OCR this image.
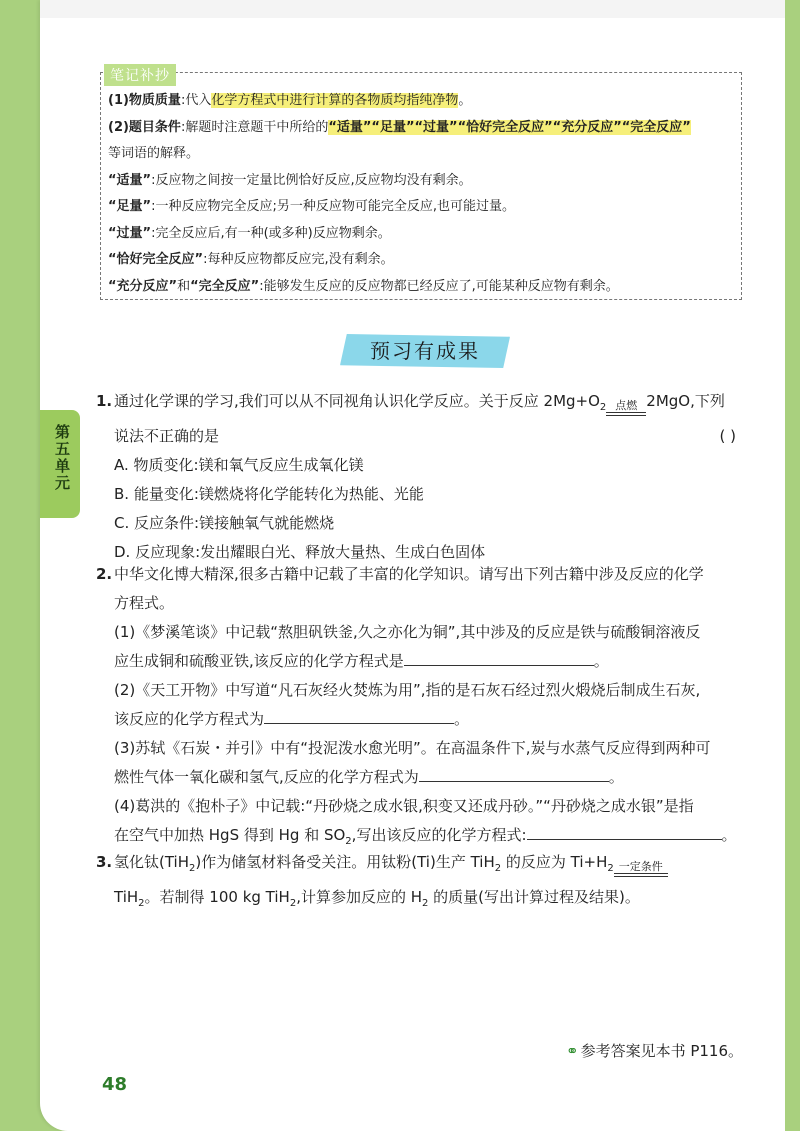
笔记补抄
(1)物质质量:代入化学方程式中进行计算的各物质均指纯净物。
(2)题目条件:解题时注意题干中所给的“适量”“足量”“过量”“恰好完全反应”“充分反应”“完全反应”
等词语的解释。
“适量”:反应物之间按一定量比例恰好反应,反应物均没有剩余。
“足量”:一种反应物完全反应;另一种反应物可能完全反应,也可能过量。
“过量”:完全反应后,有一种(或多种)反应物剩余。
“恰好完全反应”:每种反应物都反应完,没有剩余。
“充分反应”和“完全反应”:能够发生反应的反应物都已经反应了,可能某种反应物有剩余。
预习有成果
第五单元
1. 通过化学课的学习,我们可以从不同视角认识化学反应。关于反应 $2Mg+O_2$ 点燃 2MgO,下列
说法不正确的是	( )
A. 物质变化:镁和氧气反应生成氧化镁
B. 能量变化:镁燃烧将化学能转化为热能、光能
C. 反应条件:镁接触氧气就能燃烧
D. 反应现象:发出耀眼白光、释放大量热、生成白色固体
2. 中华文化博大精深,很多古籍中记载了丰富的化学知识。请写出下列古籍中涉及反应的化学
方程式。
(1)《梦溪笔谈》中记载“熬胆矾铁釜,久之亦化为铜”,其中涉及的反应是铁与硫酸铜溶液反
应生成铜和硫酸亚铁,该反应的化学方程式是	。
(2)《天工开物》中写道“凡石灰经火焚炼为用”,指的是石灰石经过烈火煅烧后制成生石灰,
该反应的化学方程式为	。
(3)苏轼《石炭・并引》中有“投泥泼水愈光明”。在高温条件下,炭与水蒸气反应得到两种可
燃性气体一氧化碳和氢气,反应的化学方程式为	。
(4)葛洪的《抱朴子》中记载:“丹砂烧之成水银,积变又还成丹砂。”“丹砂烧之成水银”是指
在空气中加热 HgS 得到 Hg 和 $SO_2$,写出该反应的化学方程式:	。
3. 氢化钛(TiH$_2$)作为储氢材料备受关注。用钛粉(Ti)生产 TiH$_2$ 的反应为 $Ti+H_2$ 一定条件
TiH$_2$。若制得 100 kg TiH$_2$,计算参加反应的 $H_2$ 的质量(写出计算过程及结果)。
⚭ 参考答案见本书 P116。
48
